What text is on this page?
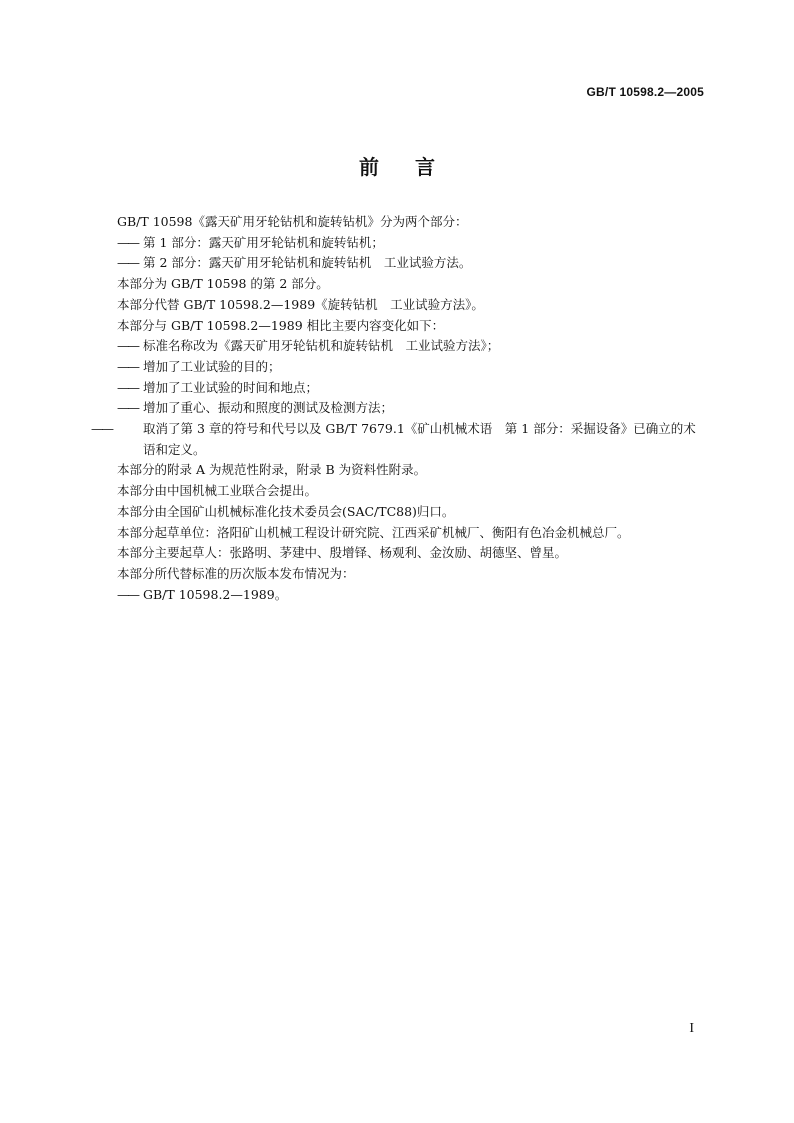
GB/T 10598.2—2005
前言
GB/T 10598《露天矿用牙轮钻机和旋转钻机》分为两个部分：
—— 第 1 部分：露天矿用牙轮钻机和旋转钻机；
—— 第 2 部分：露天矿用牙轮钻机和旋转钻机　工业试验方法。
本部分为 GB/T 10598 的第 2 部分。
本部分代替 GB/T 10598.2—1989《旋转钻机　工业试验方法》。
本部分与 GB/T 10598.2—1989 相比主要内容变化如下：
—— 标准名称改为《露天矿用牙轮钻机和旋转钻机　工业试验方法》；
—— 增加了工业试验的目的；
—— 增加了工业试验的时间和地点；
—— 增加了重心、振动和照度的测试及检测方法；
—— 取消了第 3 章的符号和代号以及 GB/T 7679.1《矿山机械术语　第 1 部分：采掘设备》已确立的术语和定义。
本部分的附录 A 为规范性附录，附录 B 为资料性附录。
本部分由中国机械工业联合会提出。
本部分由全国矿山机械标准化技术委员会(SAC/TC88)归口。
本部分起草单位：洛阳矿山机械工程设计研究院、江西采矿机械厂、衡阳有色冶金机械总厂。
本部分主要起草人：张路明、茅建中、殷增铎、杨观利、金汝励、胡德坚、曾星。
本部分所代替标准的历次版本发布情况为：
—— GB/T 10598.2—1989。
I
